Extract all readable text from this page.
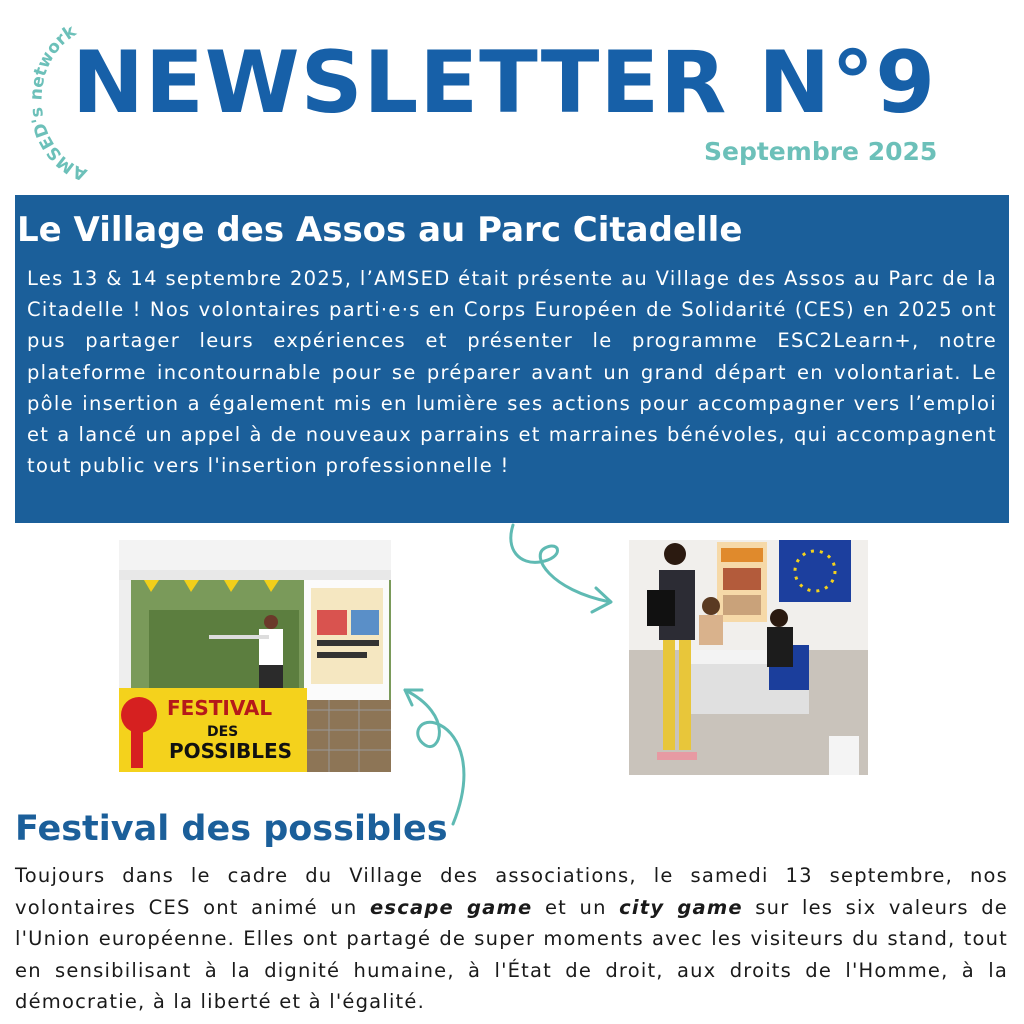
AMSED's network
NEWSLETTER N°9
Septembre 2025
Le Village des Assos au Parc Citadelle
Les 13 & 14 septembre 2025, l’AMSED était présente au Village des Assos au Parc de la Citadelle ! Nos volontaires parti·e·s en Corps Européen de Solidarité (CES) en 2025 ont pus partager leurs expériences et présenter le programme ESC2Learn+, notre plateforme incontournable pour se préparer avant un grand départ en volontariat. Le pôle insertion a également mis en lumière ses actions pour accompagner vers l’emploi et a lancé un appel à de nouveaux parrains et marraines bénévoles, qui accompagnent tout public vers l'insertion professionnelle !
FESTIVAL
DES
POSSIBLES
Festival des possibles
Toujours dans le cadre du Village des associations, le samedi 13 septembre, nos volontaires CES ont animé un escape game et un city game sur les six valeurs de l'Union européenne. Elles ont partagé de super moments avec les visiteurs du stand, tout en sensibilisant à la dignité humaine, à l'État de droit, aux droits de l'Homme, à la démocratie, à la liberté et à l'égalité.
